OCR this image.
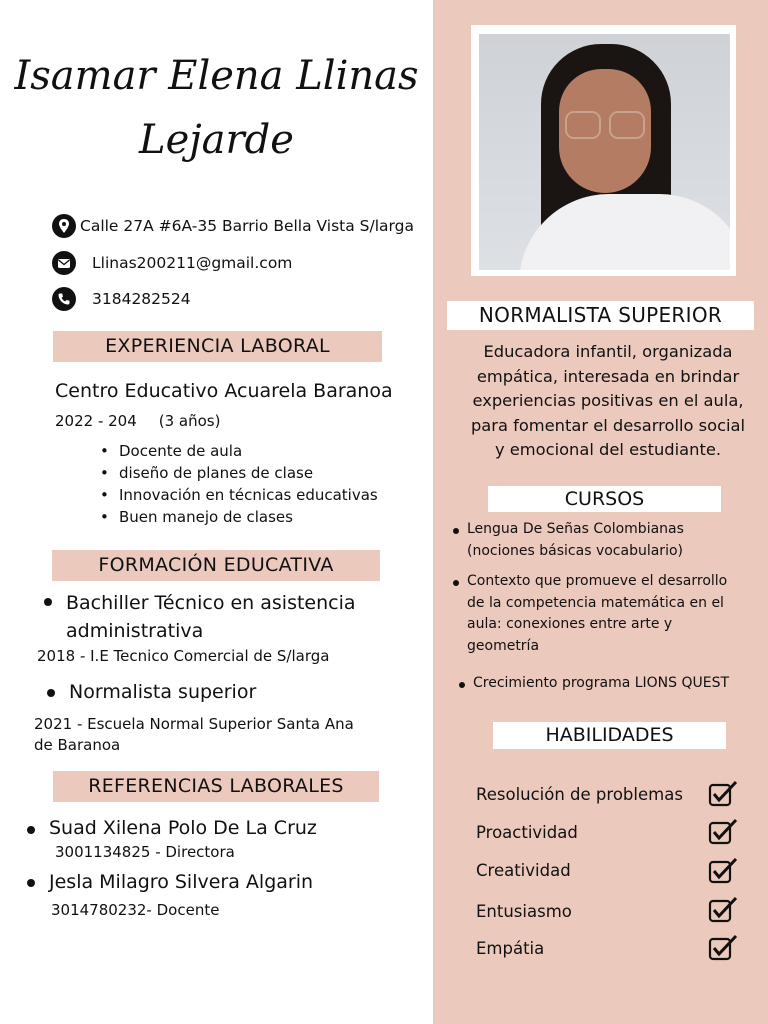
Isamar Elena Llinas
Lejarde
Calle 27A #6A-35 Barrio Bella Vista S/larga
Llinas200211@gmail.com
3184282524
EXPERIENCIA LABORAL
Centro Educativo Acuarela Baranoa
2022 - 204 (3 años)
• Docente de aula
• diseño de planes de clase
• Innovación en técnicas educativas
• Buen manejo de clases
FORMACIÓN EDUCATIVA
Bachiller Técnico en asistencia administrativa
2018 - I.E Tecnico Comercial de S/larga
Normalista superior
2021 - Escuela Normal Superior Santa Ana de Baranoa
REFERENCIAS LABORALES
Suad Xilena Polo De La Cruz
3001134825 - Directora
Jesla Milagro Silvera Algarin
3014780232- Docente
NORMALISTA SUPERIOR
Educadora infantil, organizada
empática, interesada en brindar
experiencias positivas en el aula,
para fomentar el desarrollo social
y emocional del estudiante.
CURSOS
Lengua De Señas Colombianas
(nociones básicas vocabulario)
Contexto que promueve el desarrollo
de la competencia matemática en el
aula: conexiones entre arte y
geometría
Crecimiento programa LIONS QUEST
HABILIDADES
Resolución de problemas
Proactividad
Creatividad
Entusiasmo
Empátia
